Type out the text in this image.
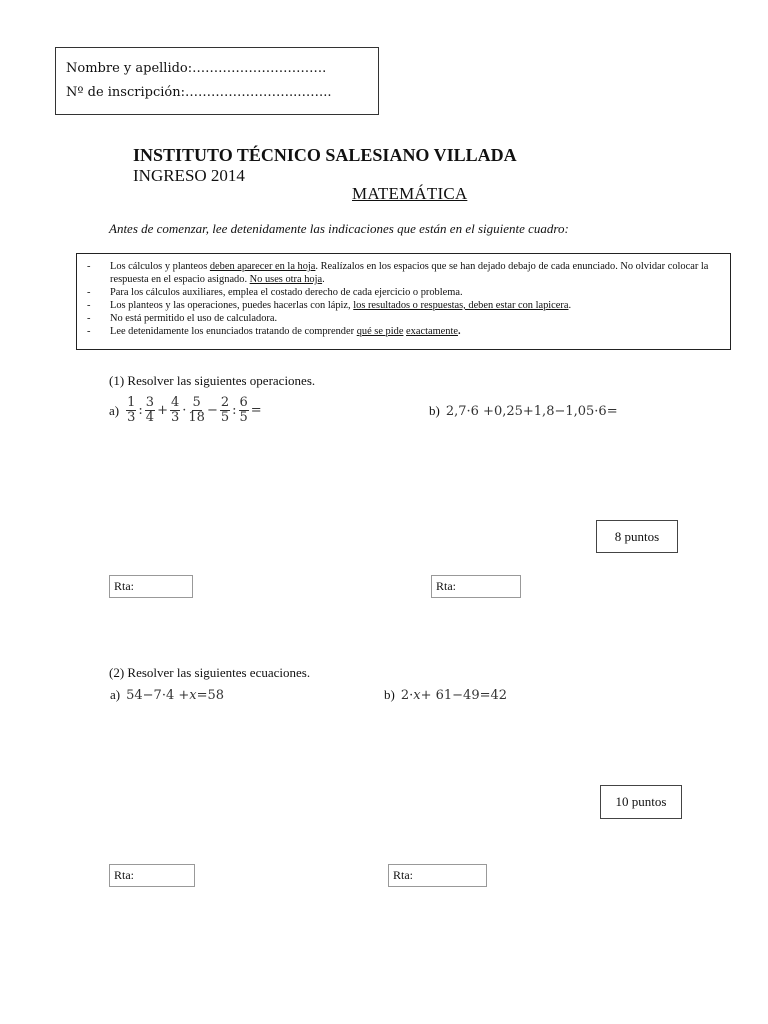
Nombre y apellido:………………………….
Nº de inscripción:……………………..……..
INSTITUTO TÉCNICO SALESIANO VILLADA
INGRESO 2014
MATEMÁTICA
Antes de comenzar, lee detenidamente las indicaciones que están en el siguiente cuadro:
- Los cálculos y planteos deben aparecer en la hoja. Realízalos en los espacios que se han dejado debajo de cada enunciado. No olvidar colocar la respuesta en el espacio asignado. No uses otra hoja.
- Para los cálculos auxiliares, emplea el costado derecho de cada ejercicio o problema.
- Los planteos y las operaciones, puedes hacerlas con lápiz, los resultados o respuestas, deben estar con lapicera.
- No está permitido el uso de calculadora.
- Lee detenidamente los enunciados tratando de comprender qué se pide exactamente.
(1) Resolver las siguientes operaciones.
$a) \frac{1}{3}$ : $\frac{3}{4} + \frac{4}{3} \cdot \frac{5}{18} - \frac{2}{5}$ : $\frac{6}{5}$ =	b) 2,7·6 +0,25+1,8−1,05·6=
8 puntos
Rta:	Rta:
(2) Resolver las siguientes ecuaciones.
a) 54−7·4 + x =58	b) 2· x + 61−49=42
10 puntos
Rta:	Rta:
